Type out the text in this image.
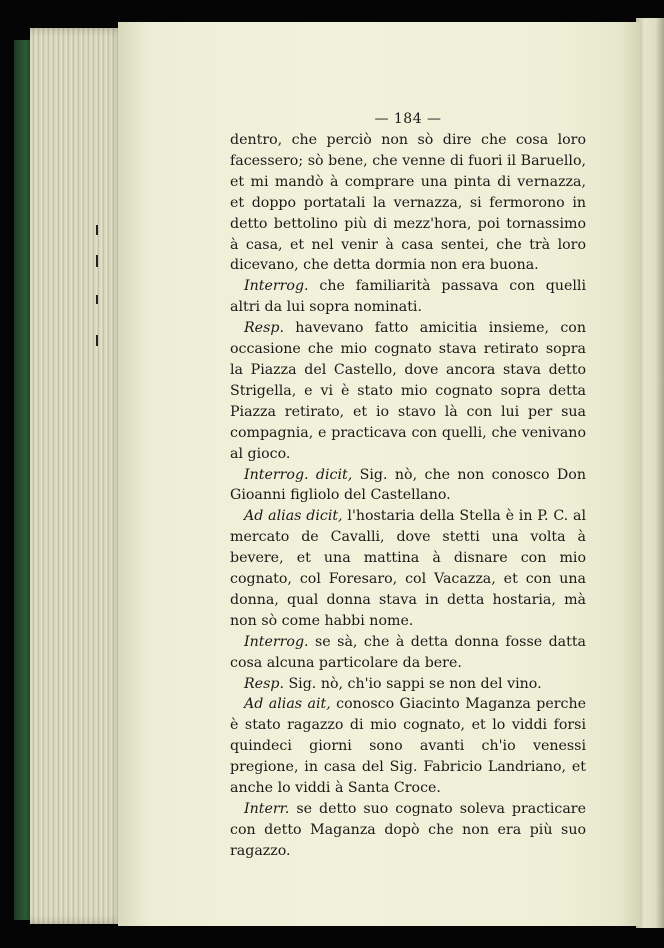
— 184 —

dentro, che perciò non sò dire che cosa loro facessero; sò bene, che venne di fuori il Baruello, et mi mandò à comprare una pinta di vernazza, et doppo portatali la vernazza, si fermorono in detto bettolino più di mezz'hora, poi tornassimo à casa, et nel venir à casa sentei, che trà loro dicevano, che detta dormia non era buona.

Interrog. che familiarità passava con quelli altri da lui sopra nominati.

Resp. havevano fatto amicitia insieme, con occasione che mio cognato stava retirato sopra la Piazza del Castello, dove ancora stava detto Strigella, e vi è stato mio cognato sopra detta Piazza retirato, et io stavo là con lui per sua compagnia, e practicava con quelli, che venivano al gioco.

Interrog. dicit, Sig. nò, che non conosco Don Gioanni figliolo del Castellano.

Ad alias dicit, l'hostaria della Stella è in P. C. al mercato de Cavalli, dove stetti una volta à bevere, et una mattina à disnare con mio cognato, col Foresaro, col Vacazza, et con una donna, qual donna stava in detta hostaria, mà non sò come habbi nome.

Interrog. se sà, che à detta donna fosse datta cosa alcuna particolare da bere.

Resp. Sig. nò, ch'io sappi se non del vino.

Ad alias ait, conosco Giacinto Maganza perche è stato ragazzo di mio cognato, et lo viddi forsi quindeci giorni sono avanti ch'io venessi pregione, in casa del Sig. Fabricio Landriano, et anche lo viddi à Santa Croce.

Interr. se detto suo cognato soleva practicare con detto Maganza dopò che non era più suo ragazzo.
